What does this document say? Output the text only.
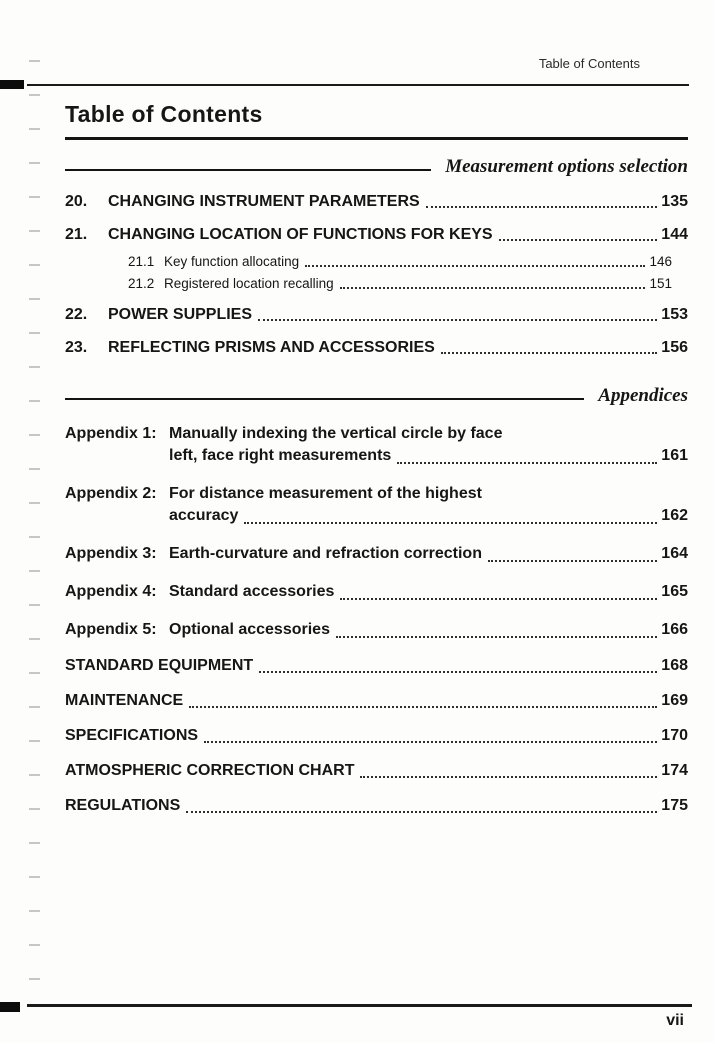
Table of Contents
Table of Contents
Measurement options selection
20.	CHANGING INSTRUMENT PARAMETERS	135
21.	CHANGING LOCATION OF FUNCTIONS FOR KEYS	144
21.1 Key function allocating	146
21.2 Registered location recalling	151
22.	POWER SUPPLIES	153
23.	REFLECTING PRISMS AND ACCESSORIES	156
Appendices
Appendix 1: Manually indexing the vertical circle by face
left, face right measurements	161
Appendix 2: For distance measurement of the highest
accuracy	162
Appendix 3: Earth-curvature and refraction correction	164
Appendix 4: Standard accessories	165
Appendix 5: Optional accessories	166
STANDARD EQUIPMENT	168
MAINTENANCE	169
SPECIFICATIONS	170
ATMOSPHERIC CORRECTION CHART	174
REGULATIONS	175
vii
